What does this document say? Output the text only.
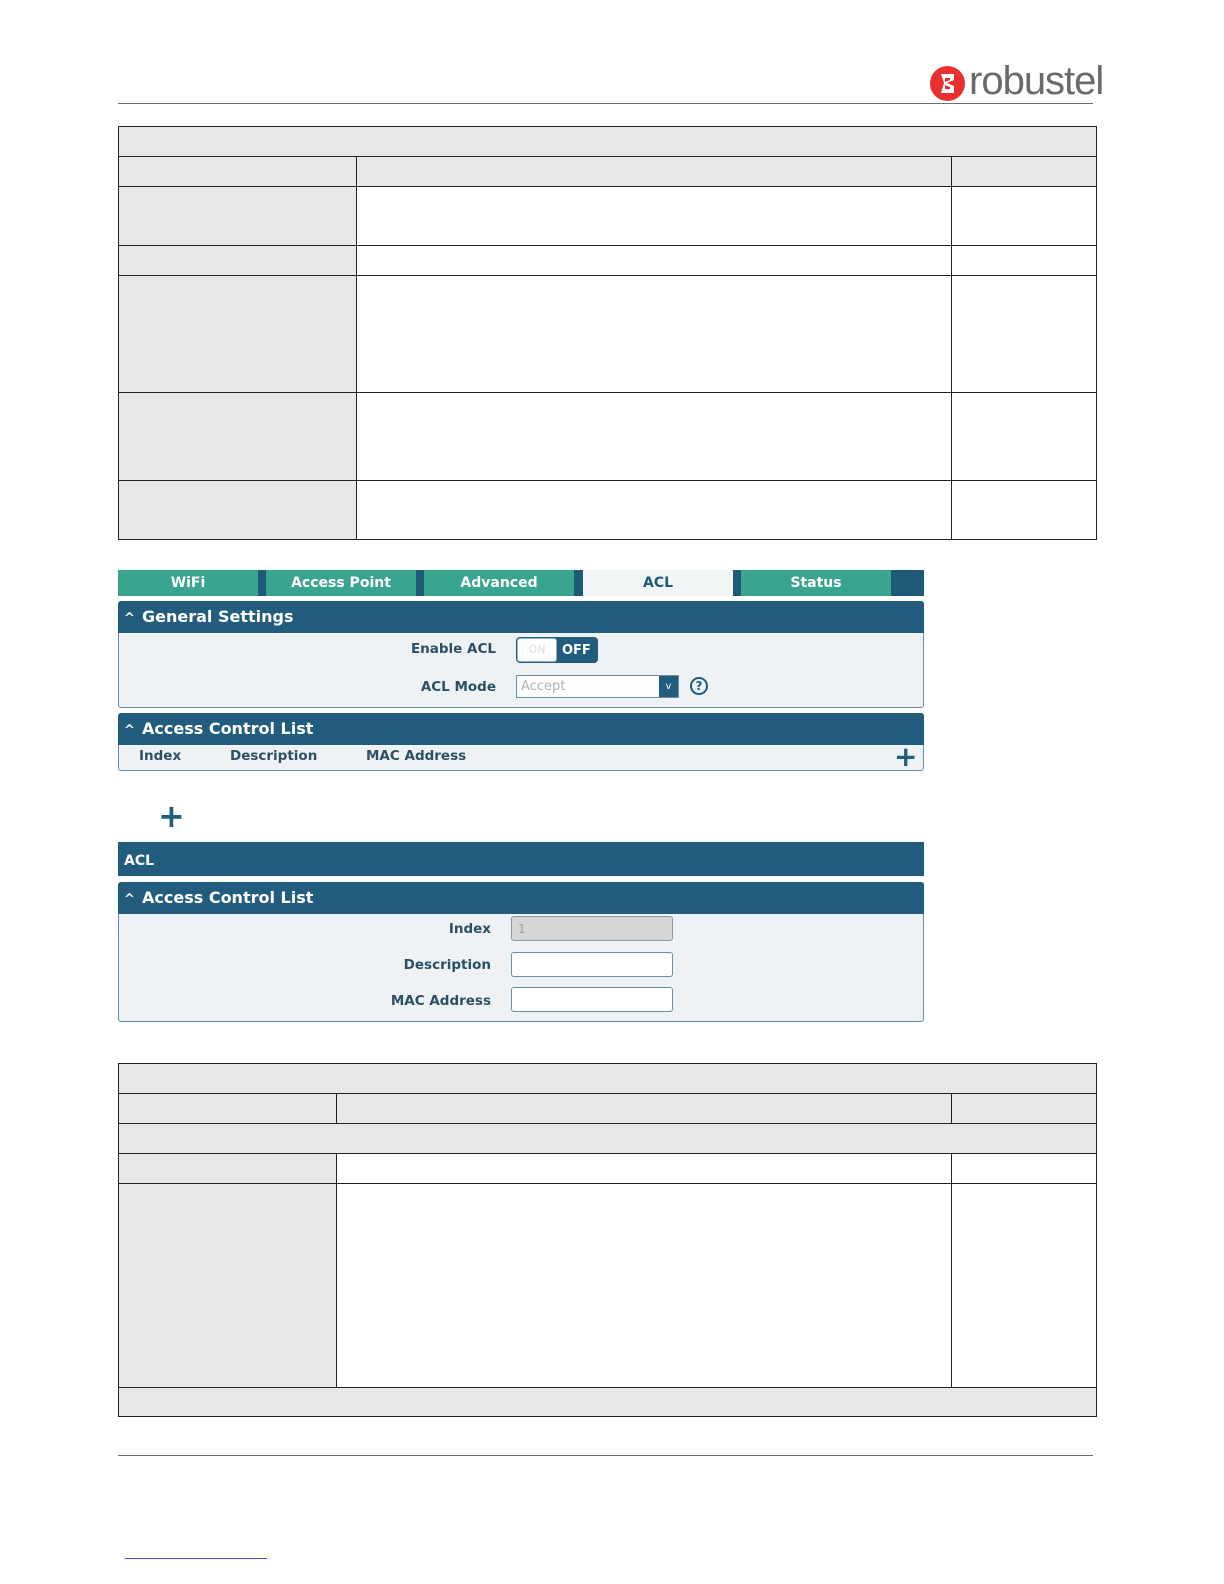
robustel

WiFi	Access Point	Advanced	ACL	Status
^ General Settings
Enable ACL	ON	OFF
ACL Mode Accept	v	?
^ Access Control List
Index	Description	MAC Address	+
+
ACL
^ Access Control List
Index 1
Description
MAC Address
